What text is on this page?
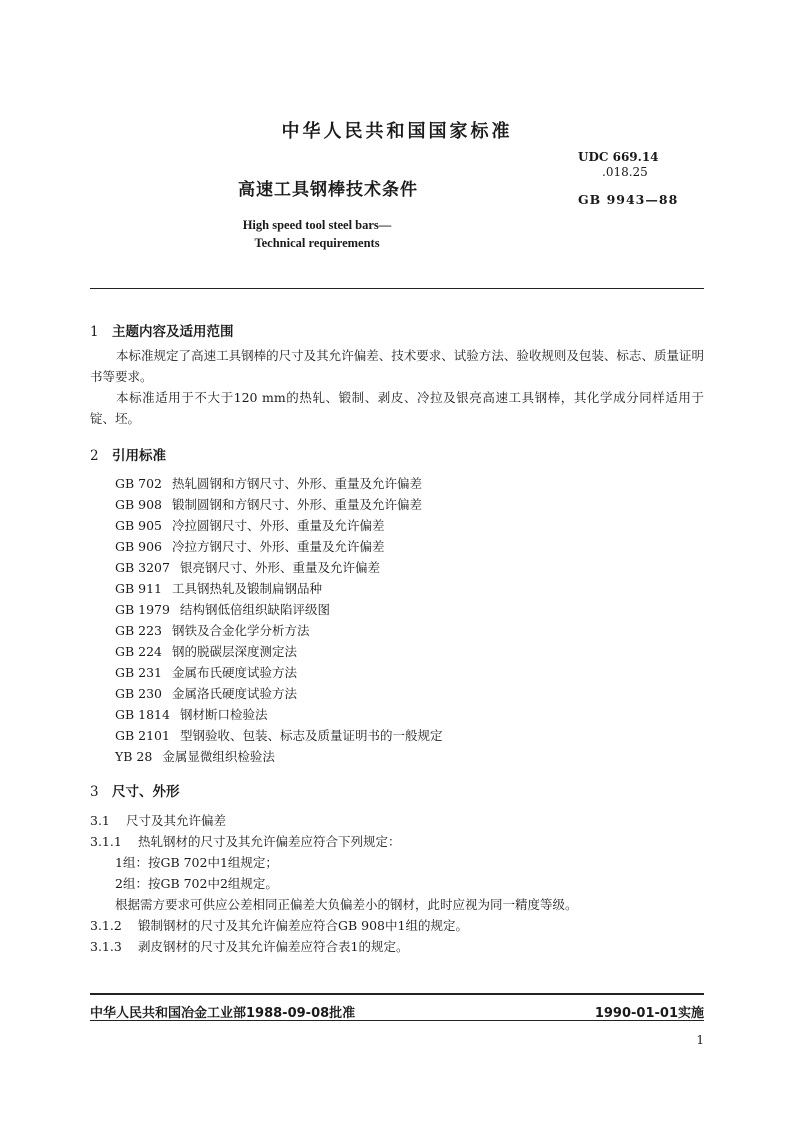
中华人民共和国国家标准
UDC 669.14
.018.25
高速工具钢棒技术条件	GB 9943—88
High speed tool steel bars—
Technical requirements
1 主题内容及适用范围
本标准规定了高速工具钢棒的尺寸及其允许偏差、技术要求、试验方法、验收规则及包装、标志、质量证明书等要求。
本标准适用于不大于120 mm的热轧、锻制、剥皮、冷拉及银亮高速工具钢棒，其化学成分同样适用于锭、坯。
2 引用标准
GB 702 热轧圆钢和方钢尺寸、外形、重量及允许偏差
GB 908 锻制圆钢和方钢尺寸、外形、重量及允许偏差
GB 905 冷拉圆钢尺寸、外形、重量及允许偏差
GB 906 冷拉方钢尺寸、外形、重量及允许偏差
GB 3207 银亮钢尺寸、外形、重量及允许偏差
GB 911 工具钢热轧及锻制扁钢品种
GB 1979 结构钢低倍组织缺陷评级图
GB 223 钢铁及合金化学分析方法
GB 224 钢的脱碳层深度测定法
GB 231 金属布氏硬度试验方法
GB 230 金属洛氏硬度试验方法
GB 1814 钢材断口检验法
GB 2101 型钢验收、包装、标志及质量证明书的一般规定
YB 28 金属显微组织检验法
3 尺寸、外形
3.1 尺寸及其允许偏差
3.1.1 热轧钢材的尺寸及其允许偏差应符合下列规定：
1组：按GB 702中1组规定；
2组：按GB 702中2组规定。
根据需方要求可供应公差相同正偏差大负偏差小的钢材，此时应视为同一精度等级。
3.1.2 锻制钢材的尺寸及其允许偏差应符合GB 908中1组的规定。
3.1.3 剥皮钢材的尺寸及其允许偏差应符合表1的规定。
中华人民共和国冶金工业部1988-09-08批准	1990-01-01实施
1
